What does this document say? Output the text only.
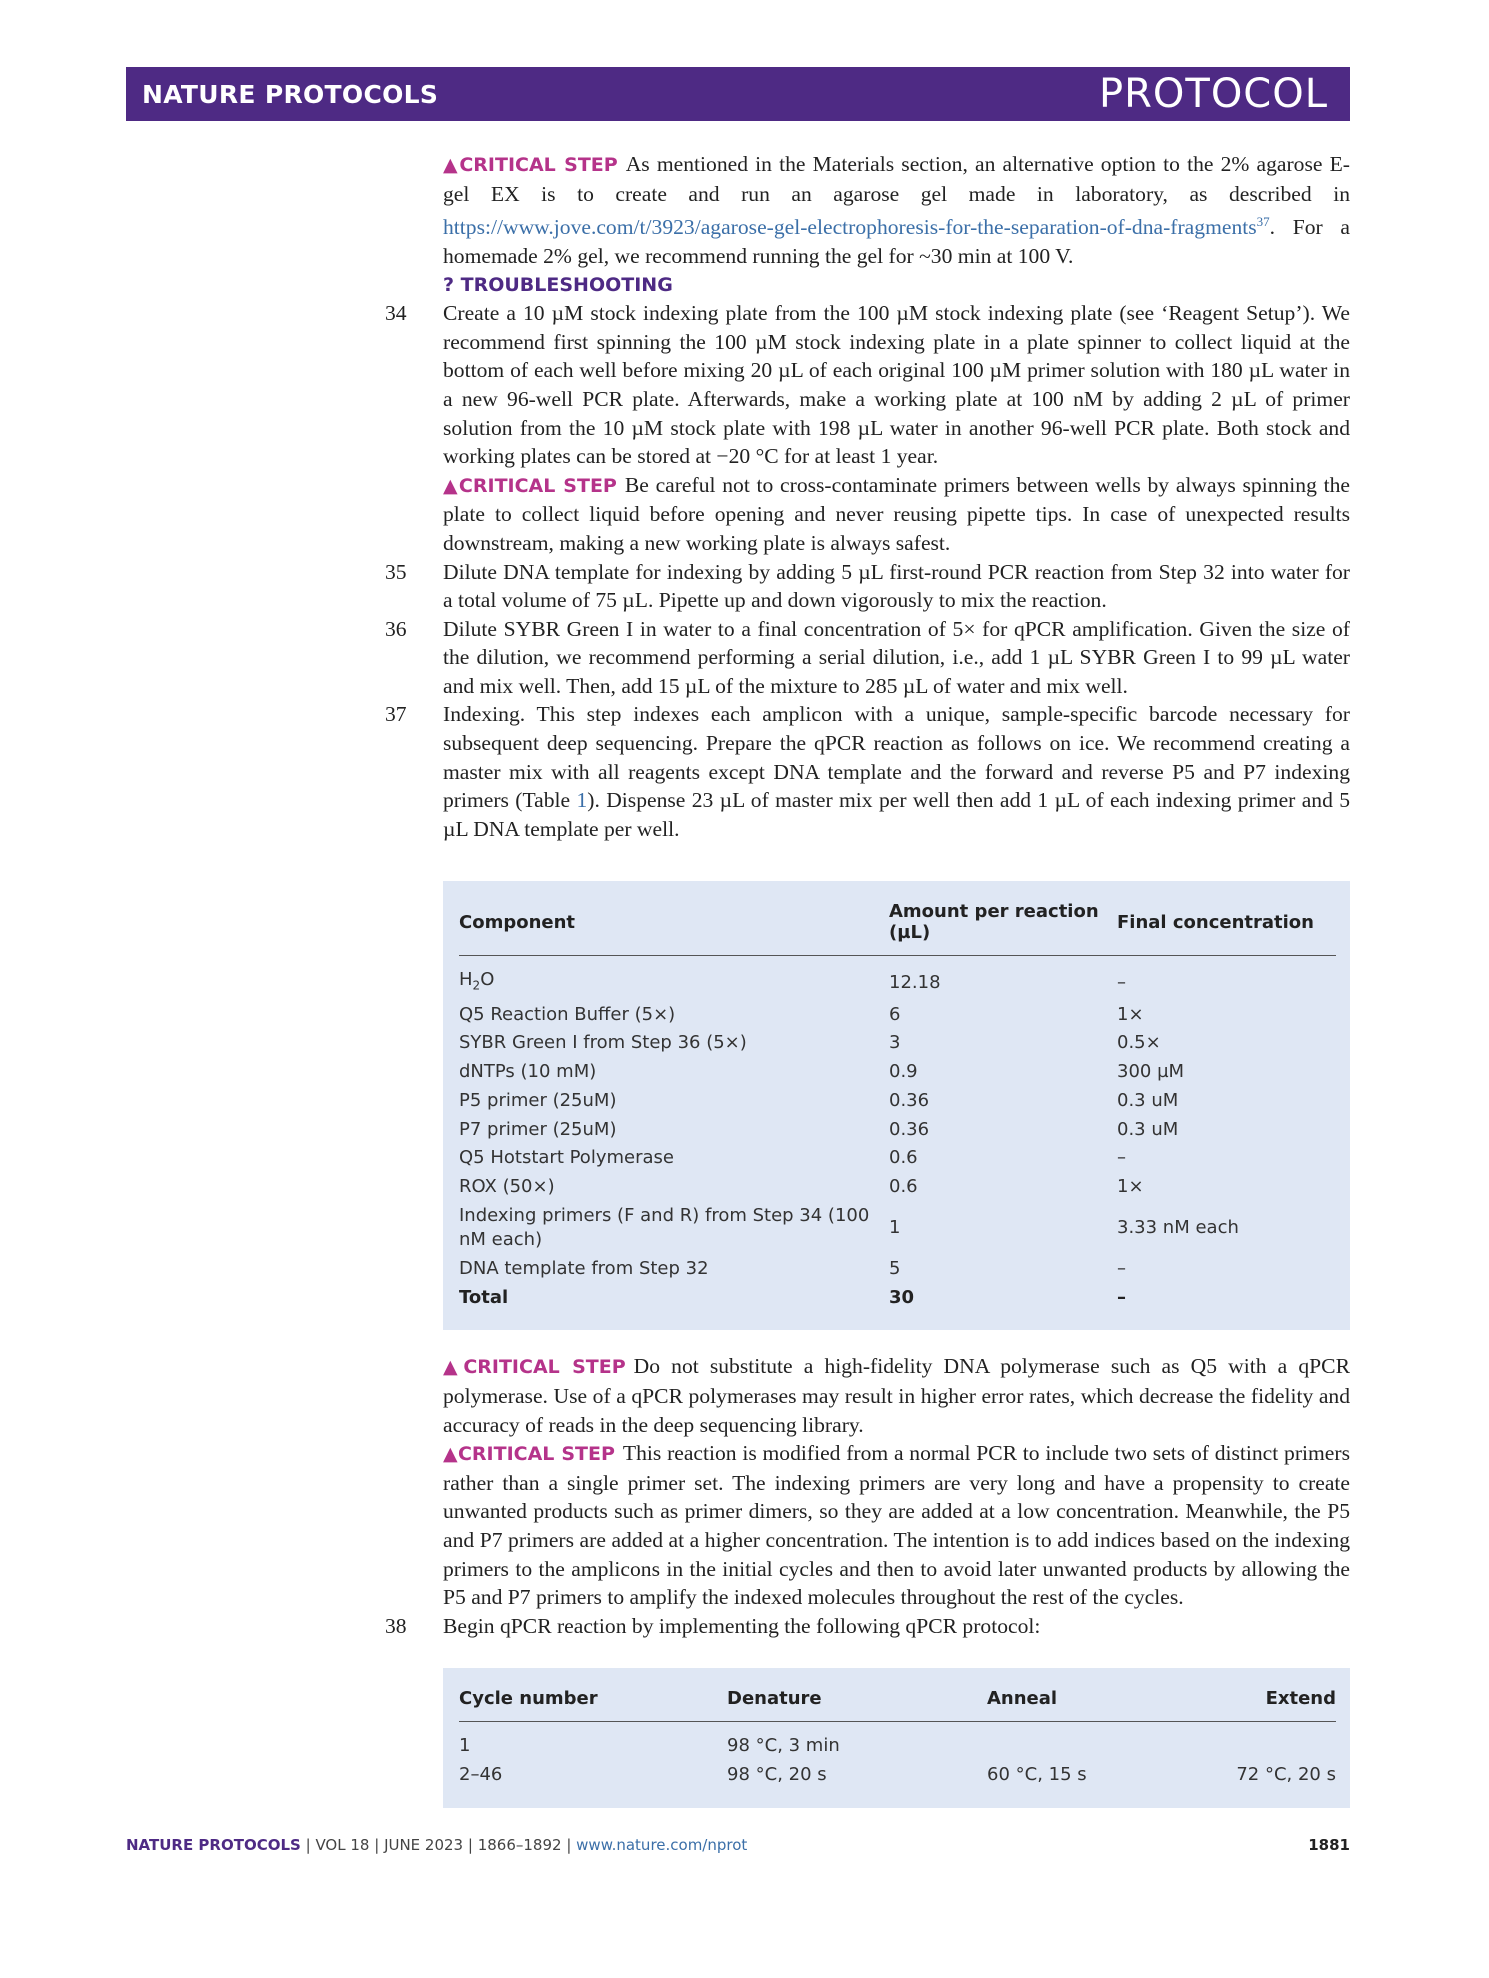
NATURE PROTOCOLS	PROTOCOL

▲CRITICAL STEP As mentioned in the Materials section, an alternative option to the 2% agarose E-gel EX is to create and run an agarose gel made in laboratory, as described in https://www.jove.com/t/3923/agarose-gel-electrophoresis-for-the-separation-of-dna-fragments$^{37}$. For a homemade 2% gel, we recommend running the gel for ~30 min at 100 V.

? TROUBLESHOOTING
34 Create a 10 µM stock indexing plate from the 100 µM stock indexing plate (see ‘Reagent Setup’). We recommend first spinning the 100 µM stock indexing plate in a plate spinner to collect liquid at the bottom of each well before mixing 20 µL of each original 100 µM primer solution with 180 µL water in a new 96-well PCR plate. Afterwards, make a working plate at 100 nM by adding 2 µL of primer solution from the 10 µM stock plate with 198 µL water in another 96-well PCR plate. Both stock and working plates can be stored at −20 °C for at least 1 year.

▲CRITICAL STEP Be careful not to cross-contaminate primers between wells by always spinning the plate to collect liquid before opening and never reusing pipette tips. In case of unexpected results downstream, making a new working plate is always safest.

35 Dilute DNA template for indexing by adding 5 µL first-round PCR reaction from Step 32 into water for a total volume of 75 µL. Pipette up and down vigorously to mix the reaction.

36 Dilute SYBR Green I in water to a final concentration of 5× for qPCR amplification. Given the size of the dilution, we recommend performing a serial dilution, i.e., add 1 µL SYBR Green I to 99 µL water and mix well. Then, add 15 µL of the mixture to 285 µL of water and mix well.

37 Indexing. This step indexes each amplicon with a unique, sample-specific barcode necessary for subsequent deep sequencing. Prepare the qPCR reaction as follows on ice. We recommend creating a master mix with all reagents except DNA template and the forward and reverse P5 and P7 indexing primers (Table 1). Dispense 23 µL of master mix per well then add 1 µL of each indexing primer and 5 µL DNA template per well.

Component	Amount per reaction (µL)	Final concentration
$H_2O$	12.18	–
Q5 Reaction Buffer (5×)	6	1×
SYBR Green I from Step 36 (5×)	3	0.5×
dNTPs (10 mM)	0.9	300 µM
P5 primer (25uM)	0.36	0.3 uM
P7 primer (25uM)	0.36	0.3 uM
Q5 Hotstart Polymerase	0.6	–
ROX (50×)	0.6	1×
Indexing primers (F and R) from Step 34 (100 nM each)	1	3.33 nM each
DNA template from Step 32	5	–
Total	30	–

▲CRITICAL STEP Do not substitute a high-fidelity DNA polymerase such as Q5 with a qPCR polymerase. Use of a qPCR polymerases may result in higher error rates, which decrease the fidelity and accuracy of reads in the deep sequencing library.

▲CRITICAL STEP This reaction is modified from a normal PCR to include two sets of distinct primers rather than a single primer set. The indexing primers are very long and have a propensity to create unwanted products such as primer dimers, so they are added at a low concentration. Meanwhile, the P5 and P7 primers are added at a higher concentration. The intention is to add indices based on the indexing primers to the amplicons in the initial cycles and then to avoid later unwanted products by allowing the P5 and P7 primers to amplify the indexed molecules throughout the rest of the cycles.

38 Begin qPCR reaction by implementing the following qPCR protocol:

Cycle number	Denature	Anneal	Extend
1	98 °C, 3 min		
2–46	98 °C, 20 s	60 °C, 15 s	72 °C, 20 s
NATURE PROTOCOLS | VOL 18 | JUNE 2023 | 1866–1892 | www.nature.com/nprot	1881
